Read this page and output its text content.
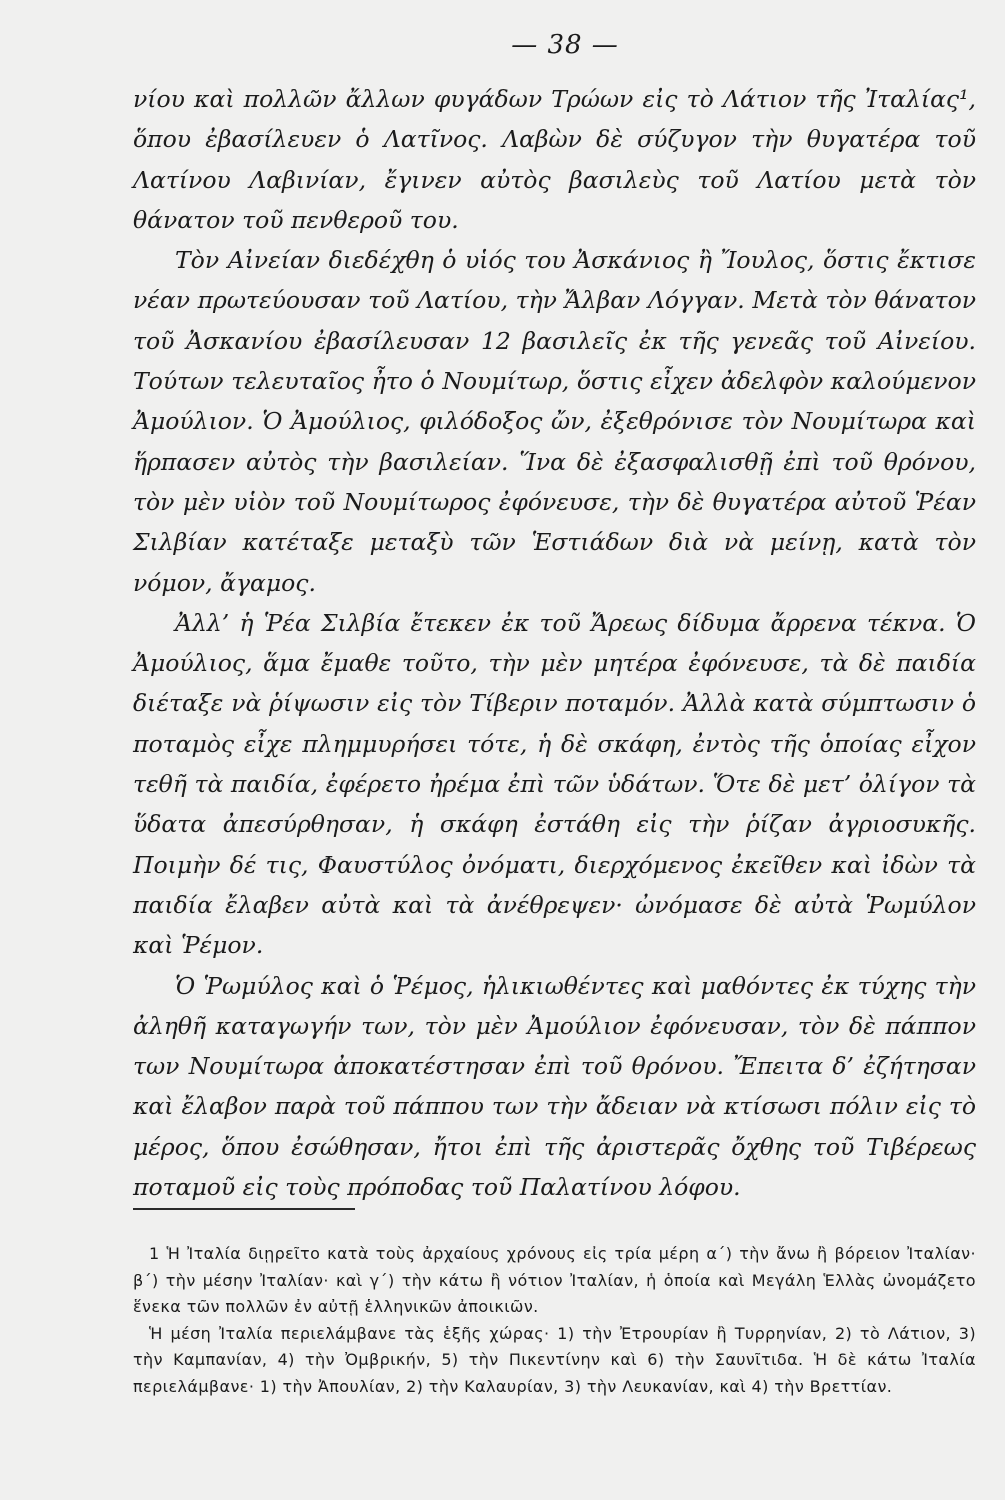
— 38 —

νίου καὶ πολλῶν ἄλλων φυγάδων Τρώων εἰς τὸ Λάτιον τῆς Ἰταλίας¹, ὅπου ἐβασίλευεν ὁ Λατῖνος. Λαβὼν δὲ σύζυγον τὴν θυγατέρα τοῦ Λατίνου Λαβινίαν, ἔγινεν αὐτὸς βασιλεὺς τοῦ Λατίου μετὰ τὸν θάνατον τοῦ πενθεροῦ του.

Τὸν Αἰνείαν διεδέχθη ὁ υἱός του Ἀσκάνιος ἢ Ἴουλος, ὅστις ἔκτισε νέαν πρωτεύουσαν τοῦ Λατίου, τὴν Ἄλβαν Λόγγαν. Μετὰ τὸν θάνατον τοῦ Ἀσκανίου ἐβασίλευσαν 12 βασιλεῖς ἐκ τῆς γενεᾶς τοῦ Αἰνείου. Τούτων τελευταῖος ἦτο ὁ Νουμίτωρ, ὅστις εἶχεν ἀδελφὸν καλούμενον Ἀμούλιον. Ὁ Ἀμούλιος, φιλόδοξος ὤν, ἐξεθρόνισε τὸν Νουμίτωρα καὶ ἥρπασεν αὐτὸς τὴν βασιλείαν. Ἵνα δὲ ἐξασφαλισθῇ ἐπὶ τοῦ θρόνου, τὸν μὲν υἱὸν τοῦ Νουμίτωρος ἐφόνευσε, τὴν δὲ θυγατέρα αὐτοῦ Ῥέαν Σιλβίαν κατέταξε μεταξὺ τῶν Ἑστιάδων διὰ νὰ μείνῃ, κατὰ τὸν νόμον, ἄγαμος.

Ἀλλ’ ἡ Ῥέα Σιλβία ἔτεκεν ἐκ τοῦ Ἄρεως δίδυμα ἄρρενα τέκνα. Ὁ Ἀμούλιος, ἅμα ἔμαθε τοῦτο, τὴν μὲν μητέρα ἐφόνευσε, τὰ δὲ παιδία διέταξε νὰ ῥίψωσιν εἰς τὸν Τίβεριν ποταμόν. Ἀλλὰ κατὰ σύμπτωσιν ὁ ποταμὸς εἶχε πλημμυρήσει τότε, ἡ δὲ σκάφη, ἐντὸς τῆς ὁποίας εἶχον τεθῆ τὰ παιδία, ἐφέρετο ἠρέμα ἐπὶ τῶν ὑδάτων. Ὅτε δὲ μετ’ ὀλίγον τὰ ὕδατα ἀπεσύρθησαν, ἡ σκάφη ἐστάθη εἰς τὴν ῥίζαν ἀγριοσυκῆς. Ποιμὴν δέ τις, Φαυστύλος ὀνόματι, διερχόμενος ἐκεῖθεν καὶ ἰδὼν τὰ παιδία ἔλαβεν αὐτὰ καὶ τὰ ἀνέθρεψεν· ὠνόμασε δὲ αὐτὰ Ῥωμύλον καὶ Ῥέμον.

Ὁ Ῥωμύλος καὶ ὁ Ῥέμος, ἡλικιωθέντες καὶ μαθόντες ἐκ τύχης τὴν ἀληθῆ καταγωγήν των, τὸν μὲν Ἀμούλιον ἐφόνευσαν, τὸν δὲ πάππον των Νουμίτωρα ἀποκατέστησαν ἐπὶ τοῦ θρόνου. Ἔπειτα δ’ ἐζήτησαν καὶ ἔλαβον παρὰ τοῦ πάππου των τὴν ἄδειαν νὰ κτίσωσι πόλιν εἰς τὸ μέρος, ὅπου ἐσώθησαν, ἤτοι ἐπὶ τῆς ἀριστερᾶς ὄχθης τοῦ Τιβέρεως ποταμοῦ εἰς τοὺς πρόποδας τοῦ Παλατίνου λόφου.

1 Ἡ Ἰταλία διῃρεῖτο κατὰ τοὺς ἀρχαίους χρόνους εἰς τρία μέρη α΄) τὴν ἄνω ἢ βόρειον Ἰταλίαν· β΄) τὴν μέσην Ἰταλίαν· καὶ γ΄) τὴν κάτω ἢ νότιον Ἰταλίαν, ἡ ὁποία καὶ Μεγάλη Ἑλλὰς ὠνομάζετο ἕνεκα τῶν πολλῶν ἐν αὐτῇ ἑλληνικῶν ἀποικιῶν.

Ἡ μέση Ἰταλία περιελάμβανε τὰς ἑξῆς χώρας· 1) τὴν Ἐτρουρίαν ἢ Τυρρηνίαν, 2) τὸ Λάτιον, 3) τὴν Καμπανίαν, 4) τὴν Ὀμβρικήν, 5) τὴν Πικεντίνην καὶ 6) τὴν Σαυνῖτιδα. Ἡ δὲ κάτω Ἰταλία περιελάμβανε· 1) τὴν Ἀπουλίαν, 2) τὴν Καλαυρίαν, 3) τὴν Λευκανίαν, καὶ 4) τὴν Βρεττίαν.
